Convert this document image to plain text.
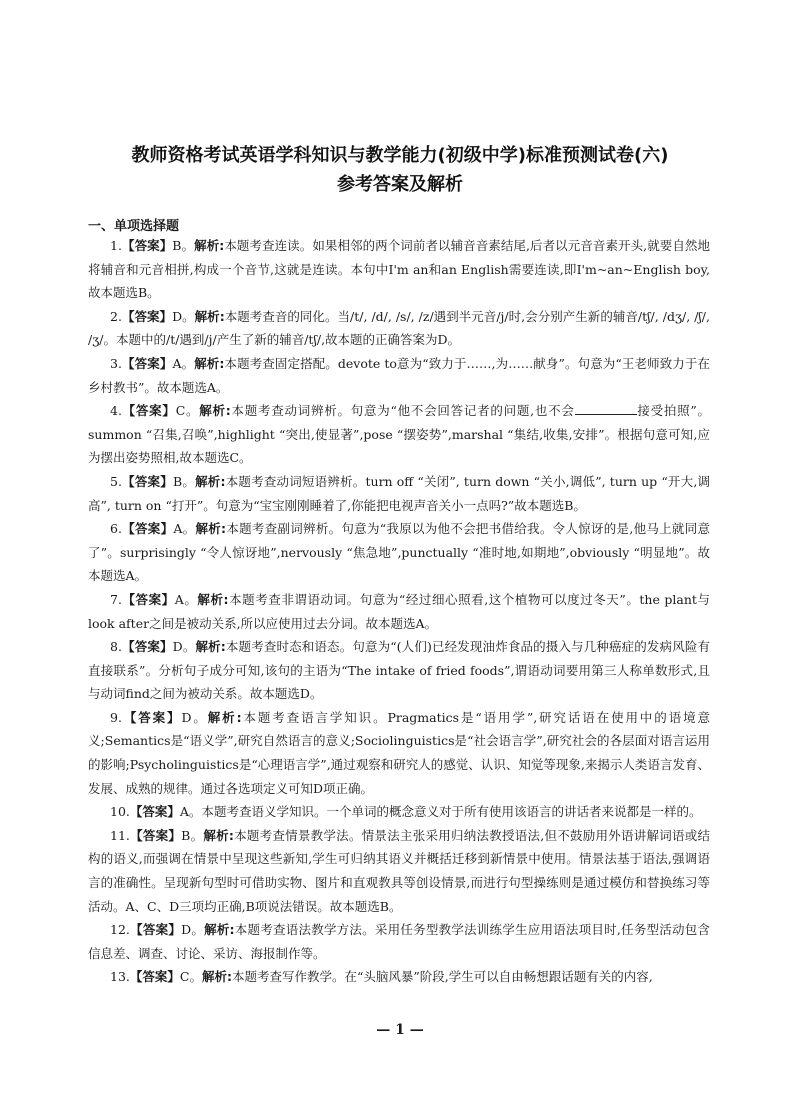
教师资格考试英语学科知识与教学能力(初级中学)标准预测试卷(六)
参考答案及解析
一、单项选择题

1.【答案】B。解析:本题考查连读。如果相邻的两个词前者以辅音音素结尾,后者以元音音素开头,就要自然地将辅音和元音相拼,构成一个音节,这就是连读。本句中I'm an和an English需要连读,即I'm~an~English boy,故本题选B。

2.【答案】D。解析:本题考查音的同化。当/t/, /d/, /s/, /z/遇到半元音/j/时,会分别产生新的辅音/tʃ/, /dʒ/, /ʃ/, /ʒ/。本题中的/t/遇到/j/产生了新的辅音/tʃ/,故本题的正确答案为D。

3.【答案】A。解析:本题考查固定搭配。devote to意为“致力于……,为……献身”。句意为“王老师致力于在乡村教书”。故本题选A。

4.【答案】C。解析:本题考查动词辨析。句意为“他不会回答记者的问题,也不会	接受拍照”。summon “召集,召唤”,highlight “突出,使显著”,pose “摆姿势”,marshal “集结,收集,安排”。根据句意可知,应为摆出姿势照相,故本题选C。

5.【答案】B。解析:本题考查动词短语辨析。turn off “关闭”, turn down “关小,调低”, turn up “开大,调高”, turn on “打开”。句意为“宝宝刚刚睡着了,你能把电视声音关小一点吗?”故本题选B。

6.【答案】A。解析:本题考查副词辨析。句意为“我原以为他不会把书借给我。令人惊讶的是,他马上就同意了”。surprisingly “令人惊讶地”,nervously “焦急地”,punctually “准时地,如期地”,obviously “明显地”。故本题选A。

7.【答案】A。解析:本题考查非谓语动词。句意为“经过细心照看,这个植物可以度过冬天”。the plant与look after之间是被动关系,所以应使用过去分词。故本题选A。

8.【答案】D。解析:本题考查时态和语态。句意为“(人们)已经发现油炸食品的摄入与几种癌症的发病风险有直接联系”。分析句子成分可知,该句的主语为“The intake of fried foods”,谓语动词要用第三人称单数形式,且与动词find之间为被动关系。故本题选D。

9.【答案】D。解析:本题考查语言学知识。Pragmatics是“语用学”,研究话语在使用中的语境意义;Semantics是“语义学”,研究自然语言的意义;Sociolinguistics是“社会语言学”,研究社会的各层面对语言运用的影响;Psycholinguistics是“心理语言学”,通过观察和研究人的感觉、认识、知觉等现象,来揭示人类语言发育、发展、成熟的规律。通过各选项定义可知D项正确。

10.【答案】A。本题考查语义学知识。一个单词的概念意义对于所有使用该语言的讲话者来说都是一样的。

11.【答案】B。解析:本题考查情景教学法。情景法主张采用归纳法教授语法,但不鼓励用外语讲解词语或结构的语义,而强调在情景中呈现这些新知,学生可归纳其语义并概括迁移到新情景中使用。情景法基于语法,强调语言的准确性。呈现新句型时可借助实物、图片和直观教具等创设情景,而进行句型操练则是通过模仿和替换练习等活动。A、C、D三项均正确,B项说法错误。故本题选B。

12.【答案】D。解析:本题考查语法教学方法。采用任务型教学法训练学生应用语法项目时,任务型活动包含信息差、调查、讨论、采访、海报制作等。

13.【答案】C。解析:本题考查写作教学。在“头脑风暴”阶段,学生可以自由畅想跟话题有关的内容,

— 1 —
